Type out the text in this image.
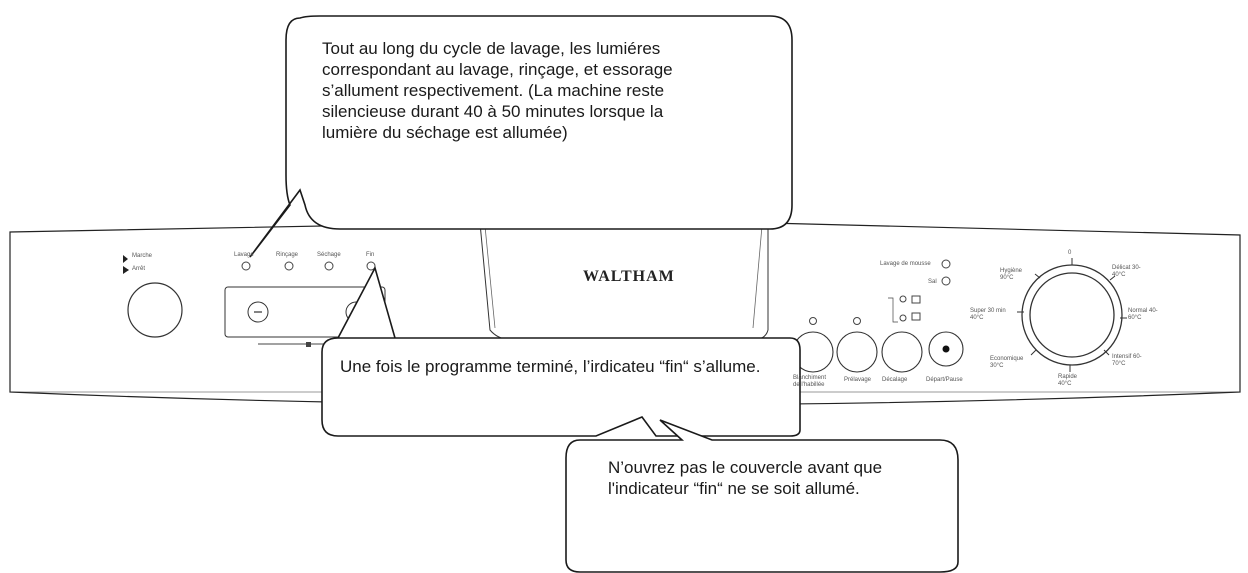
WALTHAM
Marche
Arrêt
Lavage	Rinçage	Séchage	Fin
Lavage de mousse
Sal
Blanchiment de l'habillée
Prélavage Décalage	Départ/Pause
0
Délicat 30-40°C
Normal 40-60°C
Intensif 60-70°C
Rapide 40°C
Economique 30°C
Super 30 min 40°C
Hygiène 90°C
Tout au long du cycle de lavage, les lumiéres correspondant au lavage, rinçage, et essorage s’allument respectivement. (La machine reste silencieuse durant 40 à 50 minutes lorsque la lumière du séchage est allumée)
Une fois le programme terminé, l’irdicateu “fin“ s’allume.
N’ouvrez pas le couvercle avant que l'indicateur “fin“ ne se soit allumé.
